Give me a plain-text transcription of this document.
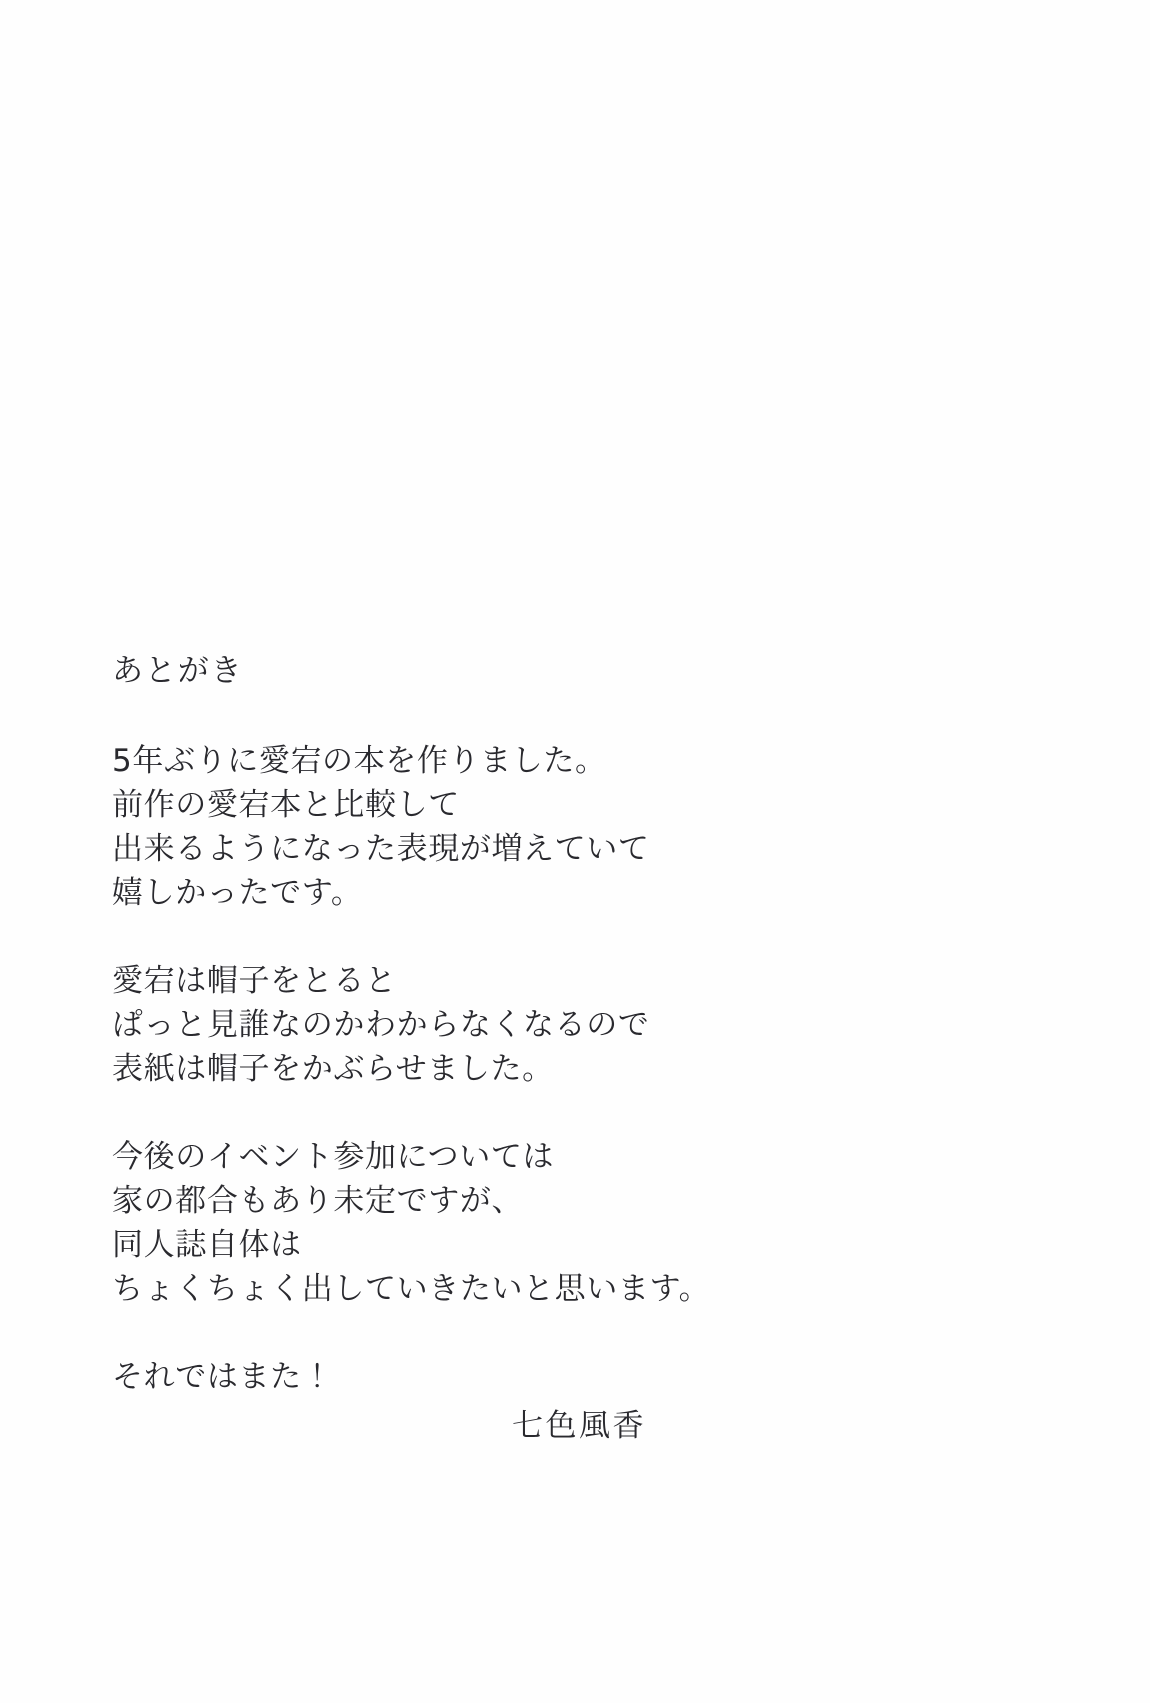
あとがき
5年ぶりに愛宕の本を作りました。
前作の愛宕本と比較して
出来るようになった表現が増えていて
嬉しかったです。
愛宕は帽子をとると
ぱっと見誰なのかわからなくなるので
表紙は帽子をかぶらせました。
今後のイベント参加については
家の都合もあり未定ですが、
同人誌自体は
ちょくちょく出していきたいと思います。
それではまた！
七色風香
